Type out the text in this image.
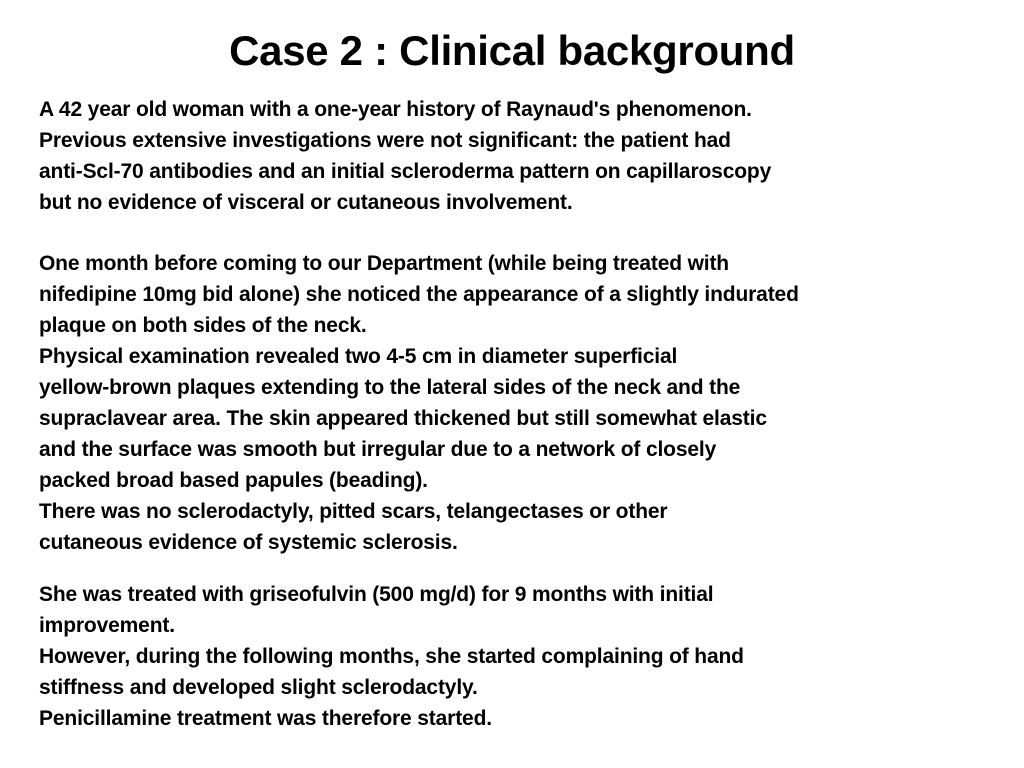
Case 2 : Clinical background

A 42 year old woman with a one-year history of Raynaud's phenomenon.
Previous extensive investigations were not significant: the patient had
anti-Scl-70 antibodies and an initial scleroderma pattern on capillaroscopy
but no evidence of visceral or cutaneous involvement.

One month before coming to our Department (while being treated with
nifedipine 10mg bid alone) she noticed the appearance of a slightly indurated
plaque on both sides of the neck.
Physical examination revealed two 4-5 cm in diameter superficial
yellow-brown plaques extending to the lateral sides of the neck and the
supraclavear area. The skin appeared thickened but still somewhat elastic
and the surface was smooth but irregular due to a network of closely
packed broad based papules (beading).
There was no sclerodactyly, pitted scars, telangectases or other
cutaneous evidence of systemic sclerosis.

She was treated with griseofulvin (500 mg/d) for 9 months with initial
improvement.
However, during the following months, she started complaining of hand
stiffness and developed slight sclerodactyly.
Penicillamine treatment was therefore started.
